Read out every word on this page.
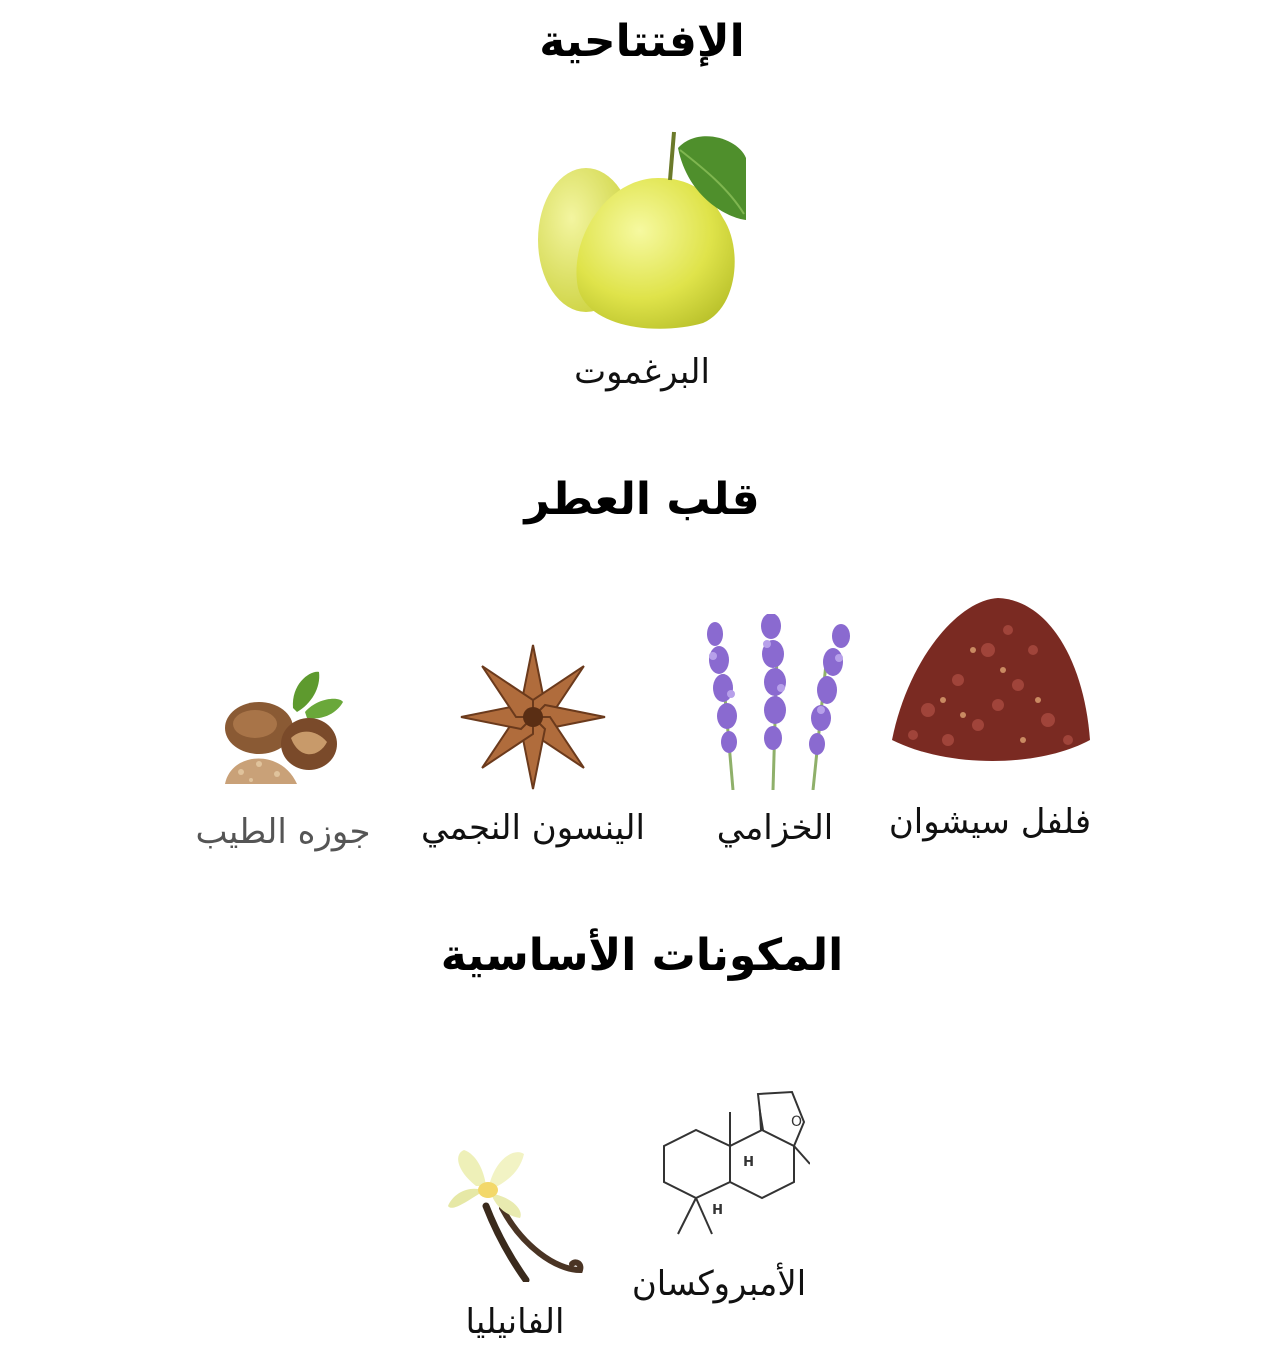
الإفتتاحية
البرغموت
قلب العطر
فلفل سيشوان
الخزامي
الينسون النجمي
جوزه الطيب
المكونات الأساسية
O
H
H
الأمبروكسان
الفانيليا
